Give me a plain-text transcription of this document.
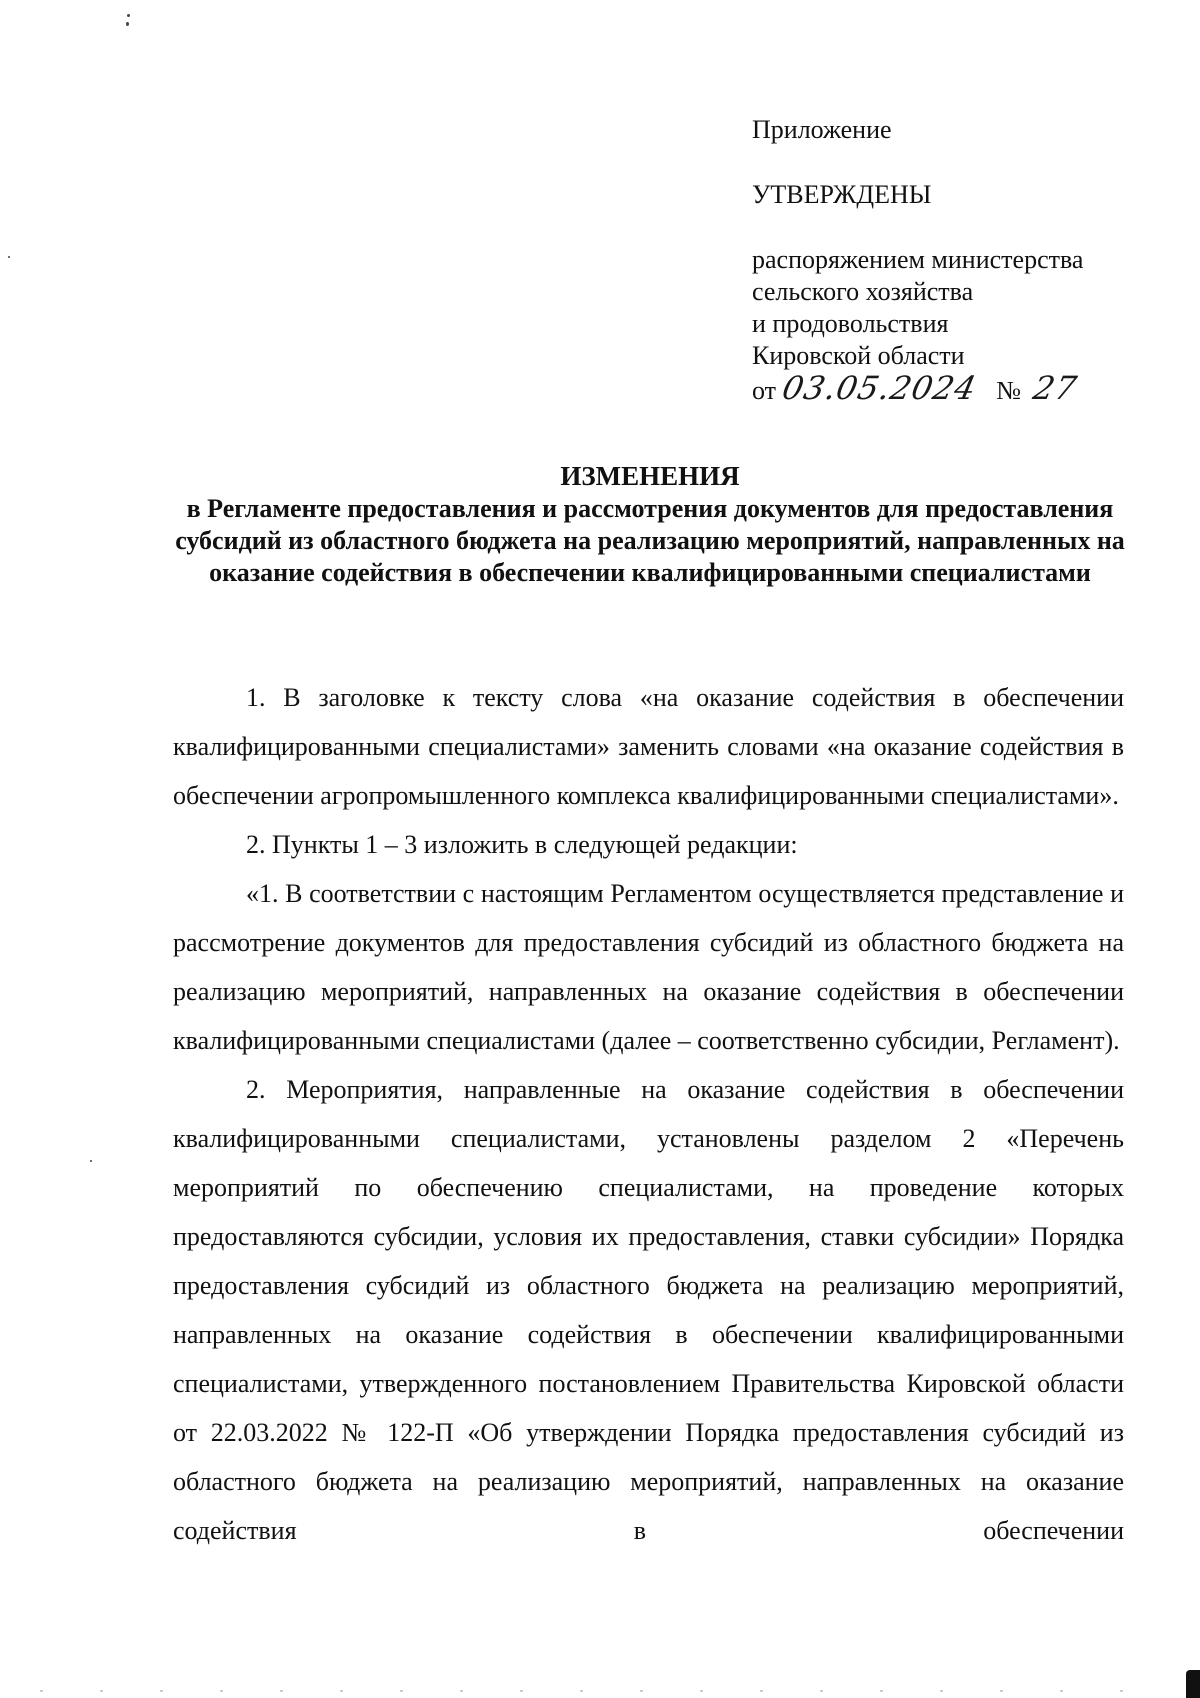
Приложение
УТВЕРЖДЕНЫ
распоряжением министерства
сельского хозяйства
и продовольствия
Кировской области
от 03.05.2024 № 27
ИЗМЕНЕНИЯ
в Регламенте предоставления и рассмотрения документов для предоставления субсидий из областного бюджета на реализацию мероприятий, направленных на оказание содействия в обеспечении квалифицированными специалистами

1. В заголовке к тексту слова «на оказание содействия в обеспечении квалифицированными специалистами» заменить словами «на оказание содействия в обеспечении агропромышленного комплекса квалифицированными специалистами».

2. Пункты 1 – 3 изложить в следующей редакции:

«1. В соответствии с настоящим Регламентом осуществляется представление и рассмотрение документов для предоставления субсидий из областного бюджета на реализацию мероприятий, направленных на оказание содействия в обеспечении квалифицированными специалистами (далее – соответственно субсидии, Регламент).

2. Мероприятия, направленные на оказание содействия в обеспечении квалифицированными специалистами, установлены разделом 2 «Перечень мероприятий по обеспечению специалистами, на проведение которых предоставляются субсидии, условия их предоставления, ставки субсидии» Порядка предоставления субсидий из областного бюджета на реализацию мероприятий, направленных на оказание содействия в обеспечении квалифицированными специалистами, утвержденного постановлением Правительства Кировской области от 22.03.2022 № 122-П «Об утверждении Порядка предоставления субсидий из областного бюджета на реализацию мероприятий, направленных на оказание содействия в обеспечении
